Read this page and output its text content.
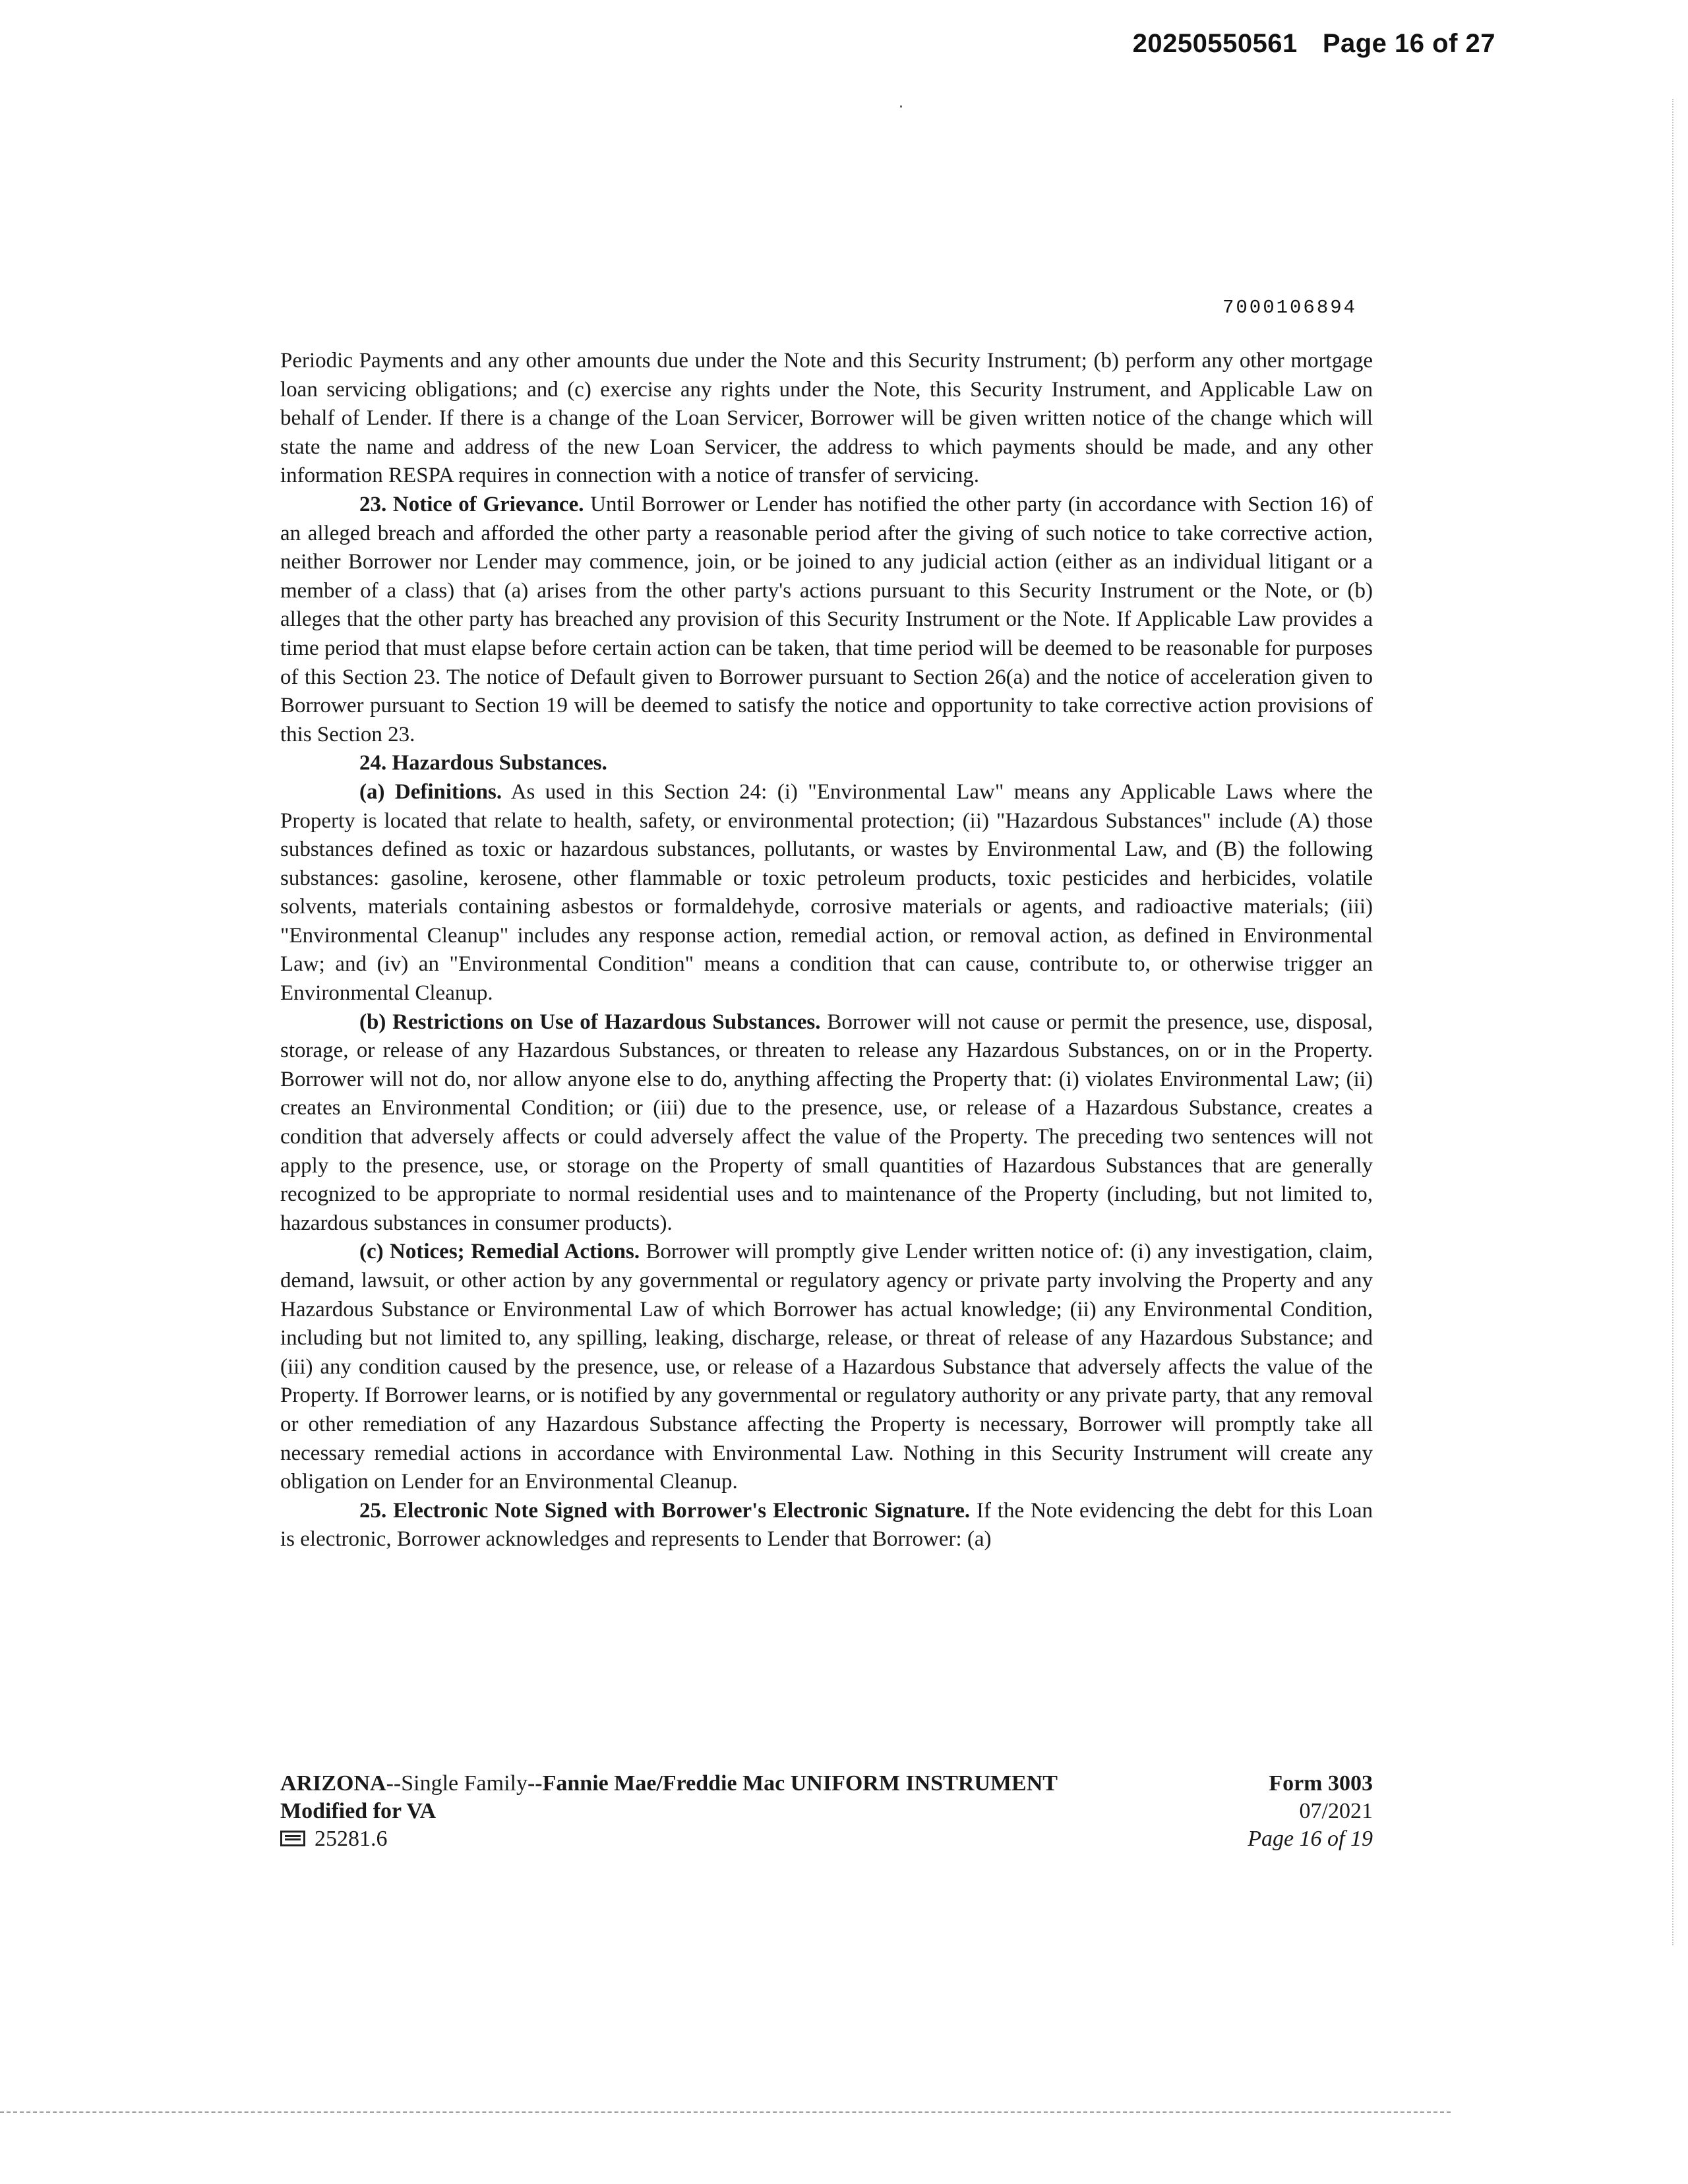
20250550561 Page 16 of 27
7000106894

Periodic Payments and any other amounts due under the Note and this Security Instrument; (b) perform any other mortgage loan servicing obligations; and (c) exercise any rights under the Note, this Security Instrument, and Applicable Law on behalf of Lender. If there is a change of the Loan Servicer, Borrower will be given written notice of the change which will state the name and address of the new Loan Servicer, the address to which payments should be made, and any other information RESPA requires in connection with a notice of transfer of servicing.

23. Notice of Grievance. Until Borrower or Lender has notified the other party (in accordance with Section 16) of an alleged breach and afforded the other party a reasonable period after the giving of such notice to take corrective action, neither Borrower nor Lender may commence, join, or be joined to any judicial action (either as an individual litigant or a member of a class) that (a) arises from the other party's actions pursuant to this Security Instrument or the Note, or (b) alleges that the other party has breached any provision of this Security Instrument or the Note. If Applicable Law provides a time period that must elapse before certain action can be taken, that time period will be deemed to be reasonable for purposes of this Section 23. The notice of Default given to Borrower pursuant to Section 26(a) and the notice of acceleration given to Borrower pursuant to Section 19 will be deemed to satisfy the notice and opportunity to take corrective action provisions of this Section 23.

24. Hazardous Substances.

(a) Definitions. As used in this Section 24: (i) "Environmental Law" means any Applicable Laws where the Property is located that relate to health, safety, or environmental protection; (ii) "Hazardous Substances" include (A) those substances defined as toxic or hazardous substances, pollutants, or wastes by Environmental Law, and (B) the following substances: gasoline, kerosene, other flammable or toxic petroleum products, toxic pesticides and herbicides, volatile solvents, materials containing asbestos or formaldehyde, corrosive materials or agents, and radioactive materials; (iii) "Environmental Cleanup" includes any response action, remedial action, or removal action, as defined in Environmental Law; and (iv) an "Environmental Condition" means a condition that can cause, contribute to, or otherwise trigger an Environmental Cleanup.

(b) Restrictions on Use of Hazardous Substances. Borrower will not cause or permit the presence, use, disposal, storage, or release of any Hazardous Substances, or threaten to release any Hazardous Substances, on or in the Property. Borrower will not do, nor allow anyone else to do, anything affecting the Property that: (i) violates Environmental Law; (ii) creates an Environmental Condition; or (iii) due to the presence, use, or release of a Hazardous Substance, creates a condition that adversely affects or could adversely affect the value of the Property. The preceding two sentences will not apply to the presence, use, or storage on the Property of small quantities of Hazardous Substances that are generally recognized to be appropriate to normal residential uses and to maintenance of the Property (including, but not limited to, hazardous substances in consumer products).

(c) Notices; Remedial Actions. Borrower will promptly give Lender written notice of: (i) any investigation, claim, demand, lawsuit, or other action by any governmental or regulatory agency or private party involving the Property and any Hazardous Substance or Environmental Law of which Borrower has actual knowledge; (ii) any Environmental Condition, including but not limited to, any spilling, leaking, discharge, release, or threat of release of any Hazardous Substance; and (iii) any condition caused by the presence, use, or release of a Hazardous Substance that adversely affects the value of the Property. If Borrower learns, or is notified by any governmental or regulatory authority or any private party, that any removal or other remediation of any Hazardous Substance affecting the Property is necessary, Borrower will promptly take all necessary remedial actions in accordance with Environmental Law. Nothing in this Security Instrument will create any obligation on Lender for an Environmental Cleanup.

25. Electronic Note Signed with Borrower's Electronic Signature. If the Note evidencing the debt for this Loan is electronic, Borrower acknowledges and represents to Lender that Borrower: (a)

ARIZONA--Single Family--Fannie Mae/Freddie Mac UNIFORM INSTRUMENT
Modified for VA
25281.6
Form 3003
07/2021
Page 16 of 19
